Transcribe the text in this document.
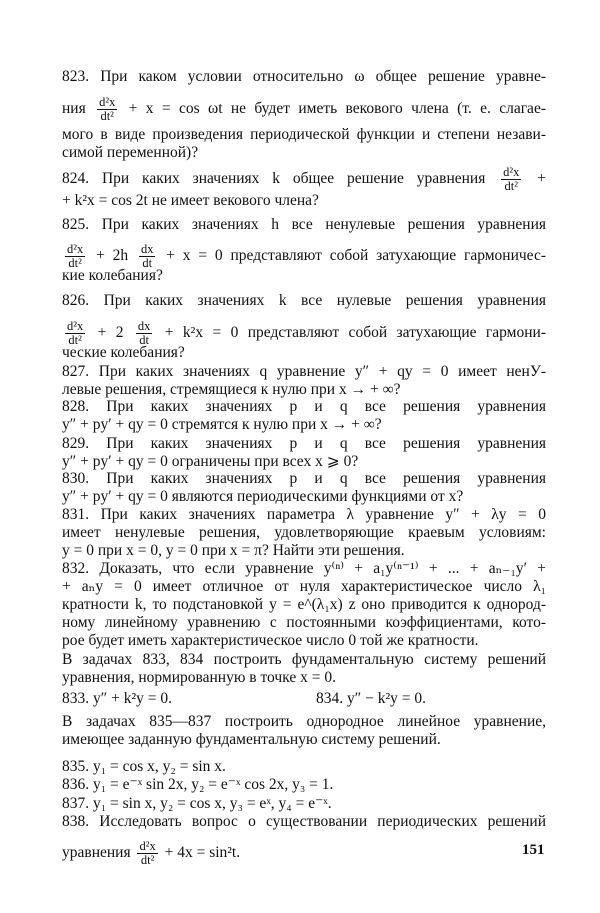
151
823. При каком условии относительно ω общее решение уравне-
ния $\frac{\text{d²x}}{\text{dt²}} + x = \cos \omega t$ не будет иметь векового члена (т. е. слагае-
мого в виде произведения периодической функции и степени незави-
симой переменной)?
824. При каких значениях k общее решение уравнения $\frac{\text{d²x}}{\text{dt²}}$ +
+ k²x = cos 2t не имеет векового члена?
825. При каких значениях h все ненулевые решения уравнения
$\frac{\text{d²x}}{\text{dt²}} + 2h \frac{dx}{dt} + x = 0$ представляют собой затухающие гармоничес-
кие колебания?
826. При каких значениях k все нулевые решения уравнения
$\frac{\text{d²x}}{\text{dt²}} + 2 \frac{dx}{dt} + k^2x = 0$ представляют собой затухающие гармони-
ческие колебания?
827. При каких значениях q уравнение y″ + qy = 0 имеет ненУ-
левые решения, стремящиеся к нулю при x → + ∞?
828. При каких значениях p и q все решения уравнения
y″ + py′ + qy = 0 стремятся к нулю при x → + ∞?
829. При каких значениях p и q все решения уравнения
y″ + py′ + qy = 0 ограничены при всех x ⩾ 0?
830. При каких значениях p и q все решения уравнения
y″ + py′ + qy = 0 являются периодическими функциями от x?
831. При каких значениях параметра λ уравнение y″ + λy = 0
имеет ненулевые решения, удовлетворяющие краевым условиям:
y = 0 при x = 0, y = 0 при x = π? Найти эти решения.
832. Доказать, что если уравнение y⁽ⁿ⁾ + a₁y⁽ⁿ⁻¹⁾ + ... + aₙ₋₁y′ +
+ aₙy = 0 имеет отличное от нуля характеристическое число λ₁
кратности k, то подстановкой y = e^(λ₁x) z оно приводится к однород-
ному линейному уравнению с постоянными коэффициентами, кото-
рое будет иметь характеристическое число 0 той же кратности.
В задачах 833, 834 построить фундаментальную систему решений
уравнения, нормированную в точке x = 0.
833. y″ + k²y = 0.	834. y″ − k²y = 0.
В задачах 835—837 построить однородное линейное уравнение,
имеющее заданную фундаментальную систему решений.
835. y₁ = cos x, y₂ = sin x.
836. y₁ = e⁻ˣ sin 2x, y₂ = e⁻ˣ cos 2x, y₃ = 1.
837. y₁ = sin x, y₂ = cos x, y₃ = eˣ, y₄ = e⁻ˣ.
838. Исследовать вопрос о существовании периодических решений
уравнения $\frac{\text{d²x}}{\text{dt²}} + 4x = \sin^2t$.
